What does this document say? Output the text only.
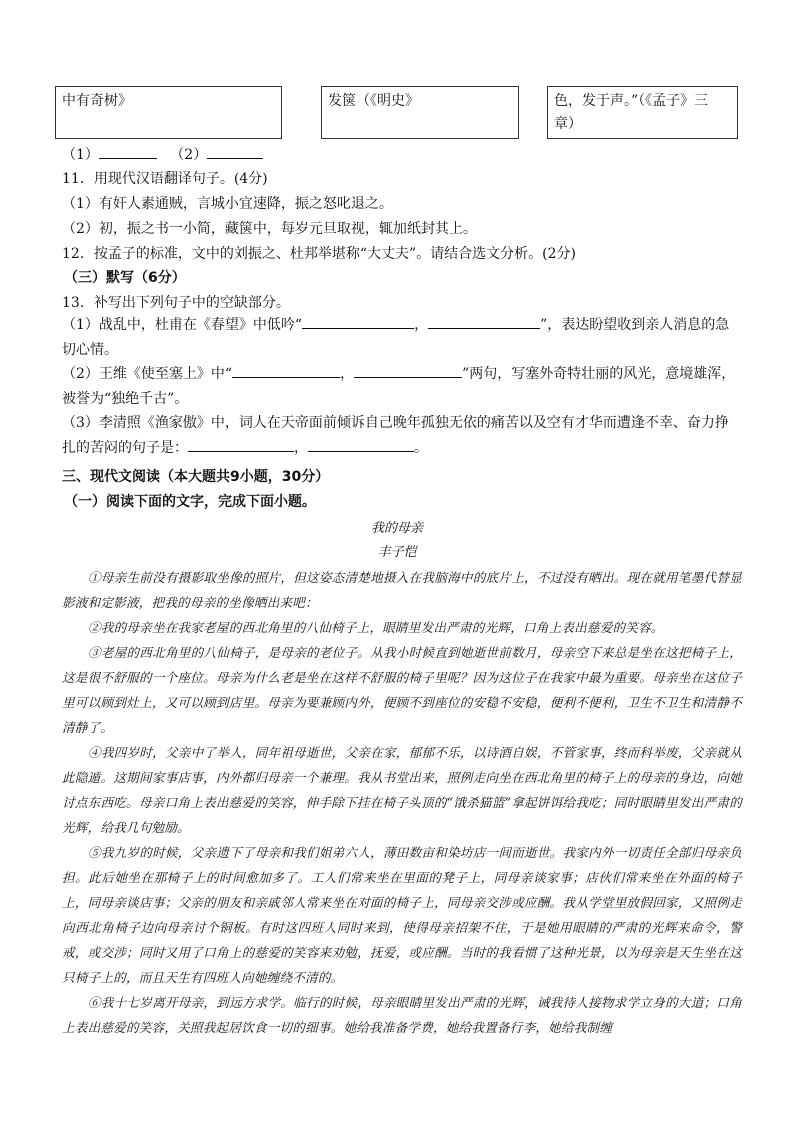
中有奇树》	发箧（《明史》	色，发于声。”（《孟子》三章）
（1）	（2）
11．用现代汉语翻译句子。(4分)
（1）有奸人素通贼，言城小宜速降，振之怒叱退之。
（2）初，振之书一小简，藏箧中，每岁元旦取视，辄加纸封其上。
12．按孟子的标准，文中的刘振之、杜邦举堪称“大丈夫”。请结合选文分析。(2分)
（三）默写（6分）
13．补写出下列句子中的空缺部分。
（1）战乱中，杜甫在《春望》中低吟“	，	”，表达盼望收到亲人消息的急切心情。
（2）王维《使至塞上》中“	，	”两句，写塞外奇特壮丽的风光，意境雄浑，被誉为“独绝千古”。
（3）李清照《渔家傲》中，词人在天帝面前倾诉自己晚年孤独无依的痛苦以及空有才华而遭逢不幸、奋力挣扎的苦闷的句子是：	，	。
三、现代文阅读（本大题共9小题，30分）
（一）阅读下面的文字，完成下面小题。
我的母亲
丰子恺
①母亲生前没有摄影取坐像的照片，但这姿态清楚地摄入在我脑海中的底片上，不过没有晒出。现在就用笔墨代替显影液和定影液，把我的母亲的坐像晒出来吧：
②我的母亲坐在我家老屋的西北角里的八仙椅子上，眼睛里发出严肃的光辉，口角上表出慈爱的笑容。
③老屋的西北角里的八仙椅子，是母亲的老位子。从我小时候直到她逝世前数月，母亲空下来总是坐在这把椅子上，这是很不舒服的一个座位。母亲为什么老是坐在这样不舒服的椅子里呢？因为这位子在我家中最为重要。母亲坐在这位子里可以顾到灶上，又可以顾到店里。母亲为要兼顾内外，便顾不到座位的安稳不安稳，便利不便利，卫生不卫生和清静不清静了。
④我四岁时，父亲中了举人，同年祖母逝世，父亲在家，郁郁不乐，以诗酒自娱，不管家事，终而科举废，父亲就从此隐遁。这期间家事店事，内外都归母亲一个兼理。我从书堂出来，照例走向坐在西北角里的椅子上的母亲的身边，向她讨点东西吃。母亲口角上表出慈爱的笑容，伸手除下挂在椅子头顶的“饿杀猫篮”拿起饼饵给我吃；同时眼睛里发出严肃的光辉，给我几句勉励。
⑤我九岁的时候，父亲遗下了母亲和我们姐弟六人，薄田数亩和染坊店一间而逝世。我家内外一切责任全部归母亲负担。此后她坐在那椅子上的时间愈加多了。工人们常来坐在里面的凳子上，同母亲谈家事；店伙们常来坐在外面的椅子上，同母亲谈店事；父亲的朋友和亲戚邻人常来坐在对面的椅子上，同母亲交涉或应酬。我从学堂里放假回家，又照例走向西北角椅子边向母亲讨个铜板。有时这四班人同时来到，使得母亲招架不住，于是她用眼睛的严肃的光辉来命令，警戒，或交涉；同时又用了口角上的慈爱的笑容来劝勉，抚爱，或应酬。当时的我看惯了这种光景，以为母亲是天生坐在这只椅子上的，而且天生有四班人向她缠绕不清的。
⑥我十七岁离开母亲，到远方求学。临行的时候，母亲眼睛里发出严肃的光辉，诫我待人接物求学立身的大道；口角上表出慈爱的笑容，关照我起居饮食一切的细事。她给我准备学费，她给我置备行李，她给我制缠
